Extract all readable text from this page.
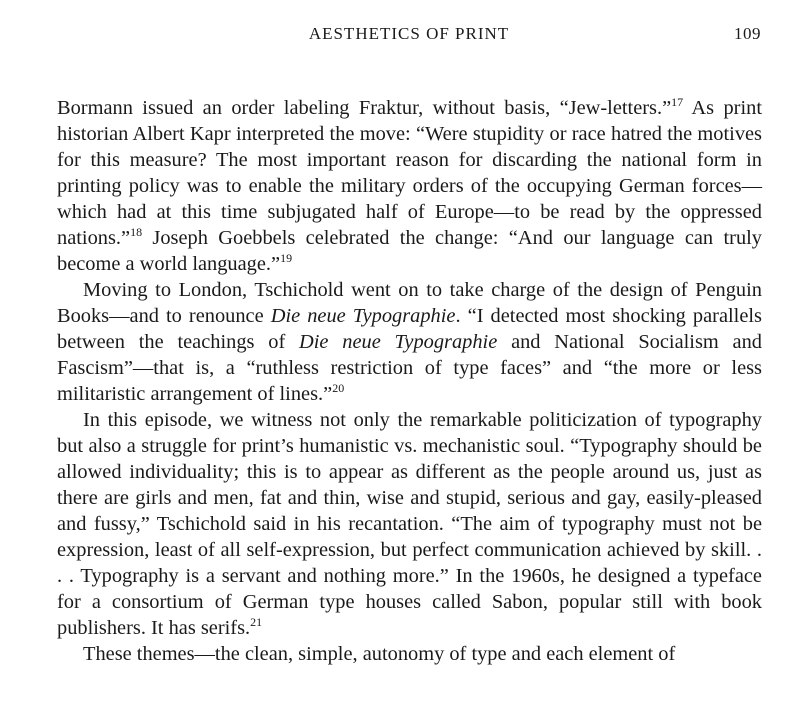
AESTHETICS OF PRINT	109

Bormann issued an order labeling Fraktur, without basis, “Jew-letters.”$^{17}$ As print historian Albert Kapr interpreted the move: “Were stupidity or race hatred the motives for this measure? The most important reason for discarding the national form in printing policy was to enable the military orders of the occupying German forces—which had at this time subjugated half of Europe—to be read by the oppressed nations.”$^{18}$ Joseph Goebbels celebrated the change: “And our language can truly become a world language.”$^{19}$

Moving to London, Tschichold went on to take charge of the design of Penguin Books—and to renounce Die neue Typographie. “I detected most shocking parallels between the teachings of Die neue Typographie and National Socialism and Fascism”—that is, a “ruthless restriction of type faces” and “the more or less militaristic arrangement of lines.”$^{20}$

In this episode, we witness not only the remarkable politicization of typography but also a struggle for print’s humanistic vs. mechanistic soul. “Typography should be allowed individuality; this is to appear as different as the people around us, just as there are girls and men, fat and thin, wise and stupid, serious and gay, easily-pleased and fussy,” Tschichold said in his recantation. “The aim of typography must not be expression, least of all self-expression, but perfect communication achieved by skill. . . . Typography is a servant and nothing more.” In the 1960s, he designed a typeface for a consortium of German type houses called Sabon, popular still with book publishers. It has serifs.$^{21}$

These themes—the clean, simple, autonomy of type and each element of
